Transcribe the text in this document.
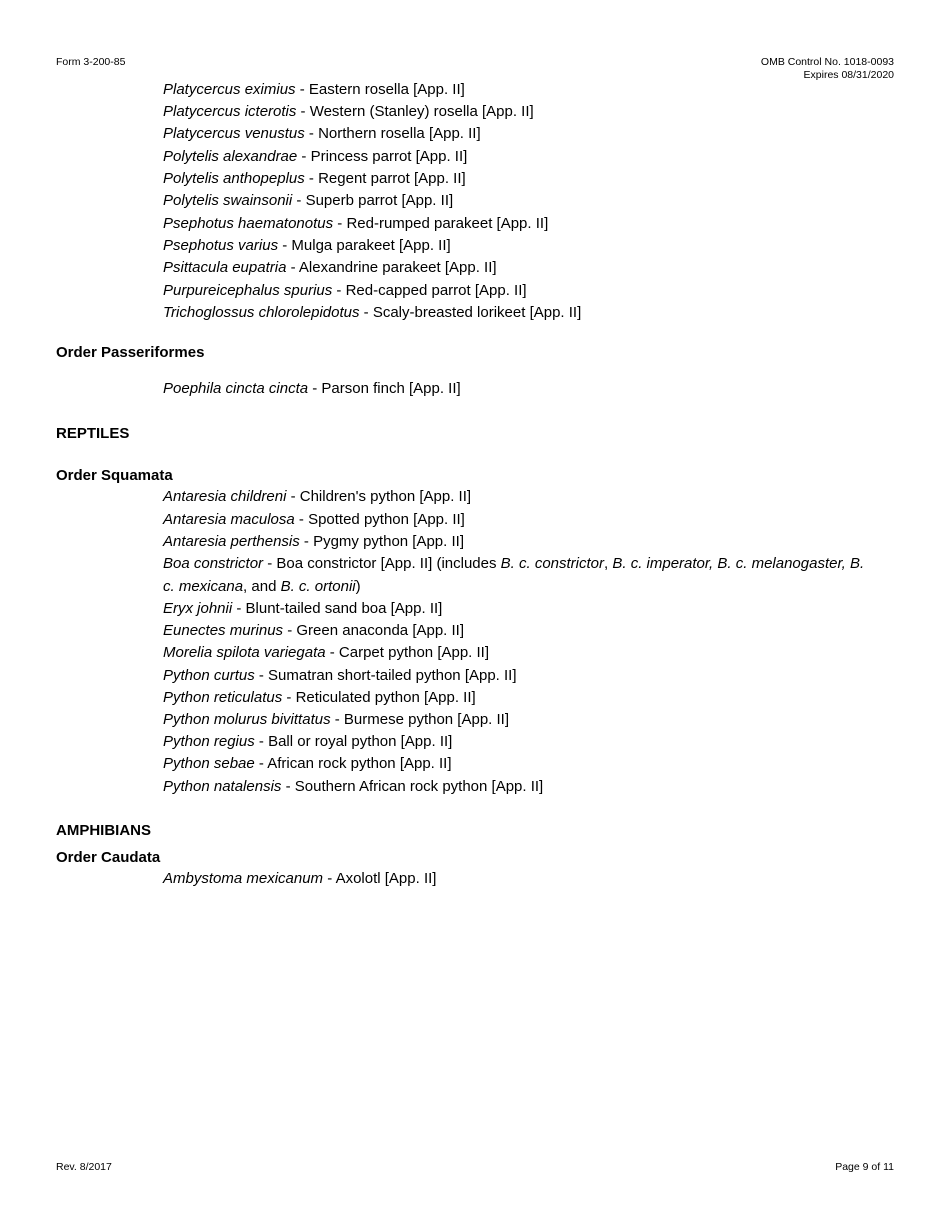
Form 3-200-85	OMB Control No. 1018-0093
Expires 08/31/2020
Platycercus eximius - Eastern rosella [App. II]
Platycercus icterotis - Western (Stanley) rosella [App. II]
Platycercus venustus - Northern rosella [App. II]
Polytelis alexandrae - Princess parrot [App. II]
Polytelis anthopeplus - Regent parrot [App. II]
Polytelis swainsonii - Superb parrot [App. II]
Psephotus haematonotus - Red-rumped parakeet [App. II]
Psephotus varius - Mulga parakeet [App. II]
Psittacula eupatria - Alexandrine parakeet [App. II]
Purpureicephalus spurius - Red-capped parrot [App. II]
Trichoglossus chlorolepidotus - Scaly-breasted lorikeet [App. II]
Order Passeriformes
Poephila cincta cincta - Parson finch [App. II]
REPTILES
Order Squamata
Antaresia childreni - Children's python [App. II]
Antaresia maculosa - Spotted python [App. II]
Antaresia perthensis - Pygmy python [App. II]
Boa constrictor - Boa constrictor [App. II] (includes B. c. constrictor, B. c. imperator, B. c. melanogaster, B.
c. mexicana, and B. c. ortonii)
Eryx johnii - Blunt-tailed sand boa [App. II]
Eunectes murinus - Green anaconda [App. II]
Morelia spilota variegata - Carpet python [App. II]
Python curtus - Sumatran short-tailed python [App. II]
Python reticulatus - Reticulated python [App. II]
Python molurus bivittatus - Burmese python [App. II]
Python regius - Ball or royal python [App. II]
Python sebae - African rock python [App. II]
Python natalensis - Southern African rock python [App. II]
AMPHIBIANS
Order Caudata
Ambystoma mexicanum - Axolotl [App. II]
Rev. 8/2017	Page 9 of 11
